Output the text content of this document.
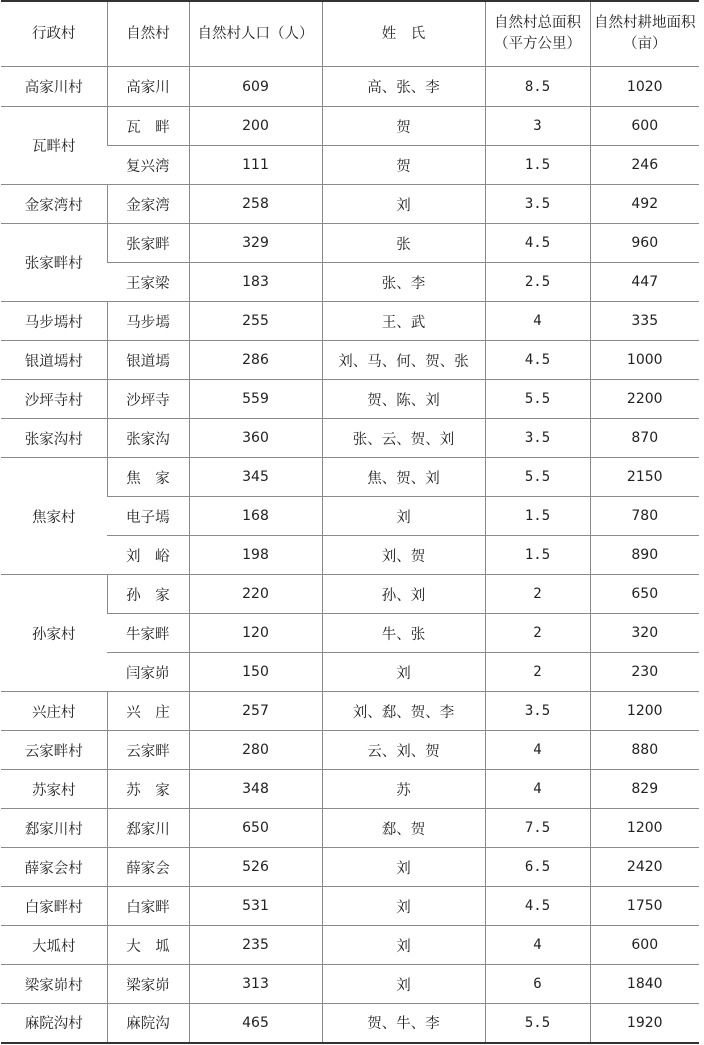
行政村	自然村	自然村人口（人）	姓　氏	自然村总面积（平方公里）	自然村耕地面积（亩）
高家川村	高家川	609	高、张、李	8.5	1020
瓦畔村	瓦　畔	200	贺	3	600
	复兴湾	111	贺	1.5	246
金家湾村	金家湾	258	刘	3.5	492
张家畔村	张家畔	329	张	4.5	960
	王家梁	183	张、李	2.5	447
马步墕村	马步墕	255	王、武	4	335
银道墕村	银道墕	286	刘、马、何、贺、张	4.5	1000
沙坪寺村	沙坪寺	559	贺、陈、刘	5.5	2200
张家沟村	张家沟	360	张、云、贺、刘	3.5	870
焦家村	焦　家	345	焦、贺、刘	5.5	2150
	电子墕	168	刘	1.5	780
	刘　峪	198	刘、贺	1.5	890
孙家村	孙　家	220	孙、刘	2	650
	牛家畔	120	牛、张	2	320
	闫家峁	150	刘	2	230
兴庄村	兴　庄	257	刘、郄、贺、李	3.5	1200
云家畔村	云家畔	280	云、刘、贺	4	880
苏家村	苏　家	348	苏	4	829
郄家川村	郄家川	650	郄、贺	7.5	1200
薛家会村	薛家会	526	刘	6.5	2420
白家畔村	白家畔	531	刘	4.5	1750
大坬村	大　坬	235	刘	4	600
梁家峁村	梁家峁	313	刘	6	1840
麻院沟村	麻院沟	465	贺、牛、李	5.5	1920
